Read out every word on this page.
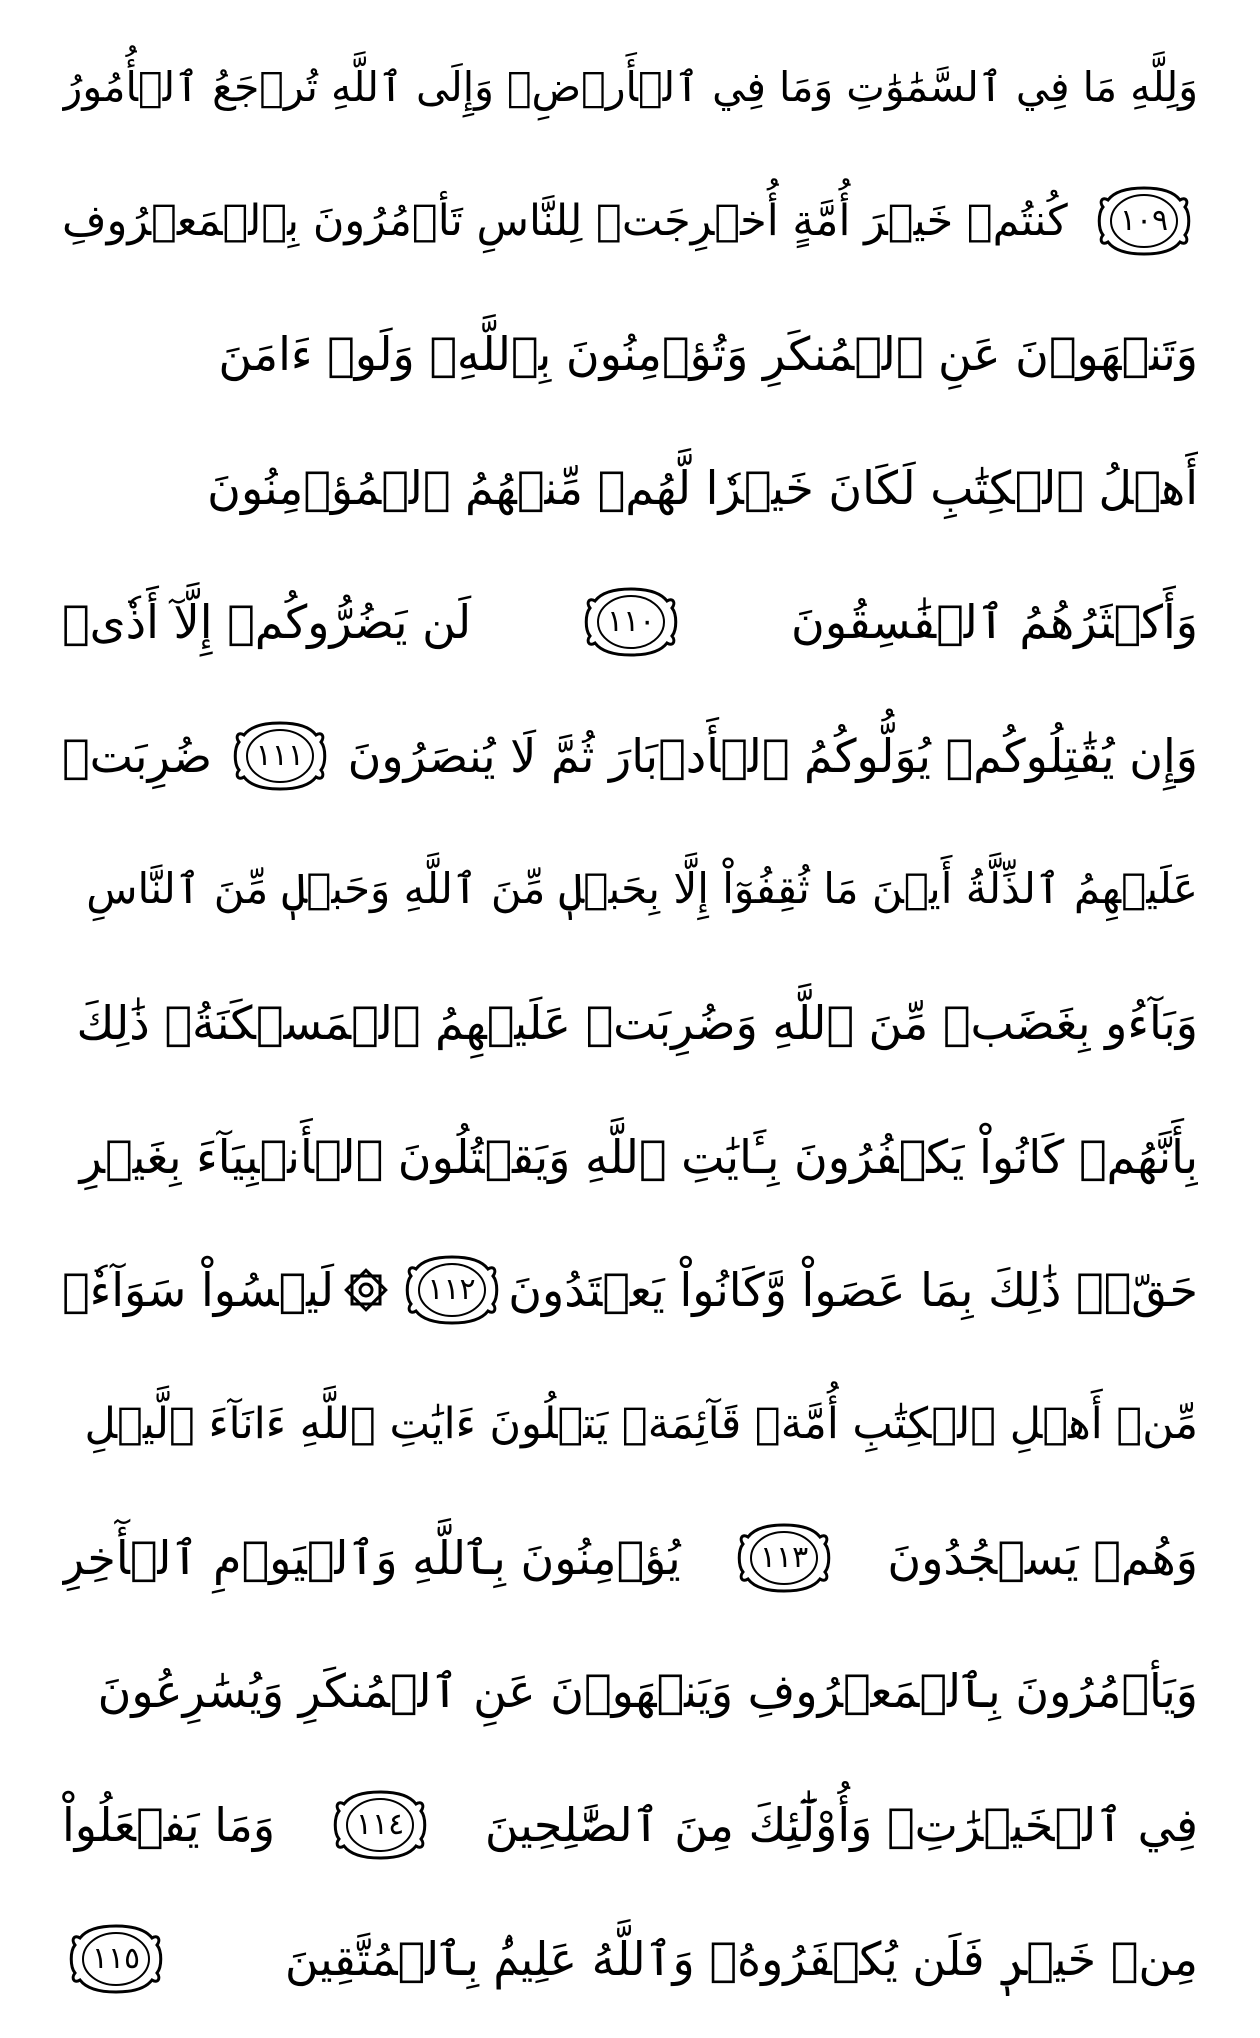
وَلِلَّهِ مَا فِي ٱلسَّمَٰوَٰتِ وَمَا فِي ٱلۡأَرۡضِۚ وَإِلَى ٱللَّهِ تُرۡجَعُ ٱلۡأُمُورُ
١٠٩
كُنتُمۡ خَيۡرَ أُمَّةٍ أُخۡرِجَتۡ لِلنَّاسِ تَأۡمُرُونَ بِٱلۡمَعۡرُوفِ
وَتَنۡهَوۡنَ عَنِ ٱلۡمُنكَرِ وَتُؤۡمِنُونَ بِٱللَّهِۗ وَلَوۡ ءَامَنَ
أَهۡلُ ٱلۡكِتَٰبِ لَكَانَ خَيۡرٗا لَّهُمۚ مِّنۡهُمُ ٱلۡمُؤۡمِنُونَ
وَأَكۡثَرُهُمُ ٱلۡفَٰسِقُونَ
١١٠
لَن يَضُرُّوكُمۡ إِلَّآ أَذٗىۖ
وَإِن يُقَٰتِلُوكُمۡ يُوَلُّوكُمُ ٱلۡأَدۡبَارَ ثُمَّ لَا يُنصَرُونَ
١١١
ضُرِبَتۡ
عَلَيۡهِمُ ٱلذِّلَّةُ أَيۡنَ مَا ثُقِفُوٓاْ إِلَّا بِحَبۡلٖ مِّنَ ٱللَّهِ وَحَبۡلٖ مِّنَ ٱلنَّاسِ
وَبَآءُو بِغَضَبٖ مِّنَ ٱللَّهِ وَضُرِبَتۡ عَلَيۡهِمُ ٱلۡمَسۡكَنَةُۚ ذَٰلِكَ
بِأَنَّهُمۡ كَانُواْ يَكۡفُرُونَ بِـَٔايَٰتِ ٱللَّهِ وَيَقۡتُلُونَ ٱلۡأَنۢبِيَآءَ بِغَيۡرِ
حَقّٖۚ ذَٰلِكَ بِمَا عَصَواْ وَّكَانُواْ يَعۡتَدُونَ
١١٢
لَيۡسُواْ سَوَآءٗۗ
مِّنۡ أَهۡلِ ٱلۡكِتَٰبِ أُمَّةٞ قَآئِمَةٞ يَتۡلُونَ ءَايَٰتِ ٱللَّهِ ءَانَآءَ ٱلَّيۡلِ
وَهُمۡ يَسۡجُدُونَ
١١٣
يُؤۡمِنُونَ بِٱللَّهِ وَٱلۡيَوۡمِ ٱلۡأٓخِرِ
وَيَأۡمُرُونَ بِٱلۡمَعۡرُوفِ وَيَنۡهَوۡنَ عَنِ ٱلۡمُنكَرِ وَيُسَٰرِعُونَ
فِي ٱلۡخَيۡرَٰتِۖ وَأُوْلَٰٓئِكَ مِنَ ٱلصَّٰلِحِينَ
١١٤
وَمَا يَفۡعَلُواْ
مِنۡ خَيۡرٖ فَلَن يُكۡفَرُوهُۗ وَٱللَّهُ عَلِيمُۢ بِٱلۡمُتَّقِينَ
١١٥
